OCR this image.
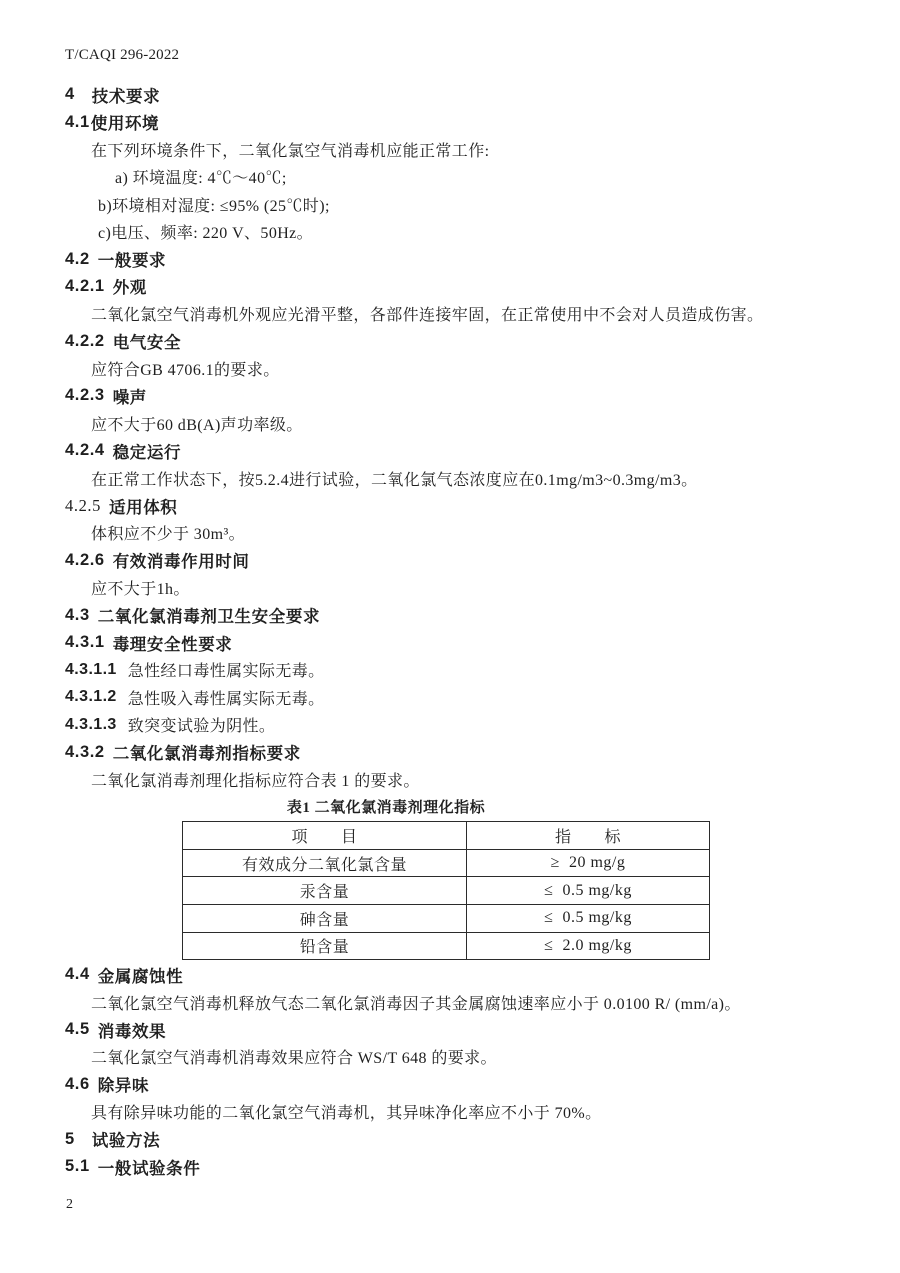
T/CAQI 296-2022
4 技术要求
4.1 使用环境
在下列环境条件下，二氧化氯空气消毒机应能正常工作:
a) 环境温度: 4℃～40℃;
b)环境相对湿度: ≤95% (25℃时);
c)电压、频率: 220 V、50Hz。
4.2 一般要求
4.2.1 外观
二氧化氯空气消毒机外观应光滑平整，各部件连接牢固，在正常使用中不会对人员造成伤害。
4.2.2 电气安全
应符合GB 4706.1的要求。
4.2.3 噪声
应不大于60 dB(A)声功率级。
4.2.4 稳定运行
在正常工作状态下，按5.2.4进行试验，二氧化氯气态浓度应在0.1mg/m3~0.3mg/m3。
4.2.5 适用体积
体积应不少于 30m³。
4.2.6 有效消毒作用时间
应不大于1h。
4.3 二氧化氯消毒剂卫生安全要求
4.3.1 毒理安全性要求
4.3.1.1 急性经口毒性属实际无毒。
4.3.1.2 急性吸入毒性属实际无毒。
4.3.1.3 致突变试验为阴性。
4.3.2 二氧化氯消毒剂指标要求
二氧化氯消毒剂理化指标应符合表 1 的要求。
表1 二氧化氯消毒剂理化指标
项　　目	指　　标
有效成分二氧化氯含量	≥  20 mg/g
汞含量	≤  0.5 mg/kg
砷含量	≤  0.5 mg/kg
铅含量	≤  2.0 mg/kg
4.4 金属腐蚀性
二氧化氯空气消毒机释放气态二氧化氯消毒因子其金属腐蚀速率应小于 0.0100 R/ (mm/a)。
4.5 消毒效果
二氧化氯空气消毒机消毒效果应符合 WS/T 648 的要求。
4.6 除异味
具有除异味功能的二氧化氯空气消毒机，其异味净化率应不小于 70%。
5 试验方法
5.1 一般试验条件
2
